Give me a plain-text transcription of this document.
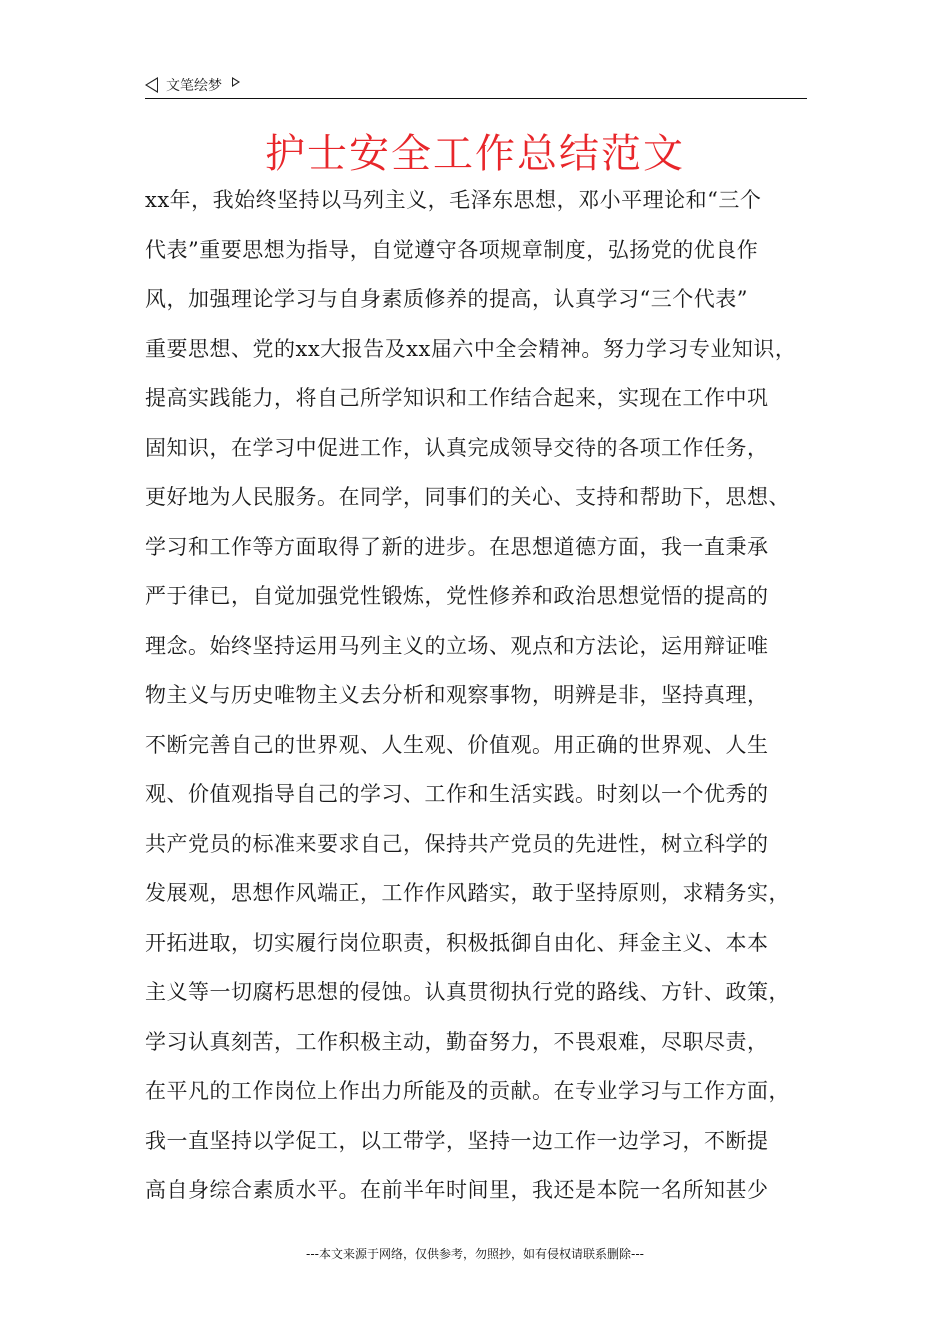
文笔绘梦
护士安全工作总结范文
xx年，我始终坚持以马列主义，毛泽东思想，邓小平理论和“三个
代表”重要思想为指导，自觉遵守各项规章制度，弘扬党的优良作
风，加强理论学习与自身素质修养的提高，认真学习“三个代表”
重要思想、党的xx大报告及xx届六中全会精神。努力学习专业知识，
提高实践能力，将自己所学知识和工作结合起来，实现在工作中巩
固知识，在学习中促进工作，认真完成领导交待的各项工作任务，
更好地为人民服务。在同学，同事们的关心、支持和帮助下，思想、
学习和工作等方面取得了新的进步。在思想道德方面，我一直秉承
严于律已，自觉加强党性锻炼，党性修养和政治思想觉悟的提高的
理念。始终坚持运用马列主义的立场、观点和方法论，运用辩证唯
物主义与历史唯物主义去分析和观察事物，明辨是非，坚持真理，
不断完善自己的世界观、人生观、价值观。用正确的世界观、人生
观、价值观指导自己的学习、工作和生活实践。时刻以一个优秀的
共产党员的标准来要求自己，保持共产党员的先进性，树立科学的
发展观，思想作风端正，工作作风踏实，敢于坚持原则，求精务实，
开拓进取，切实履行岗位职责，积极抵御自由化、拜金主义、本本
主义等一切腐朽思想的侵蚀。认真贯彻执行党的路线、方针、政策，
学习认真刻苦，工作积极主动，勤奋努力，不畏艰难，尽职尽责，
在平凡的工作岗位上作出力所能及的贡献。在专业学习与工作方面，
我一直坚持以学促工，以工带学，坚持一边工作一边学习，不断提
高自身综合素质水平。在前半年时间里，我还是本院一名所知甚少
---本文来源于网络，仅供参考，勿照抄，如有侵权请联系删除---
